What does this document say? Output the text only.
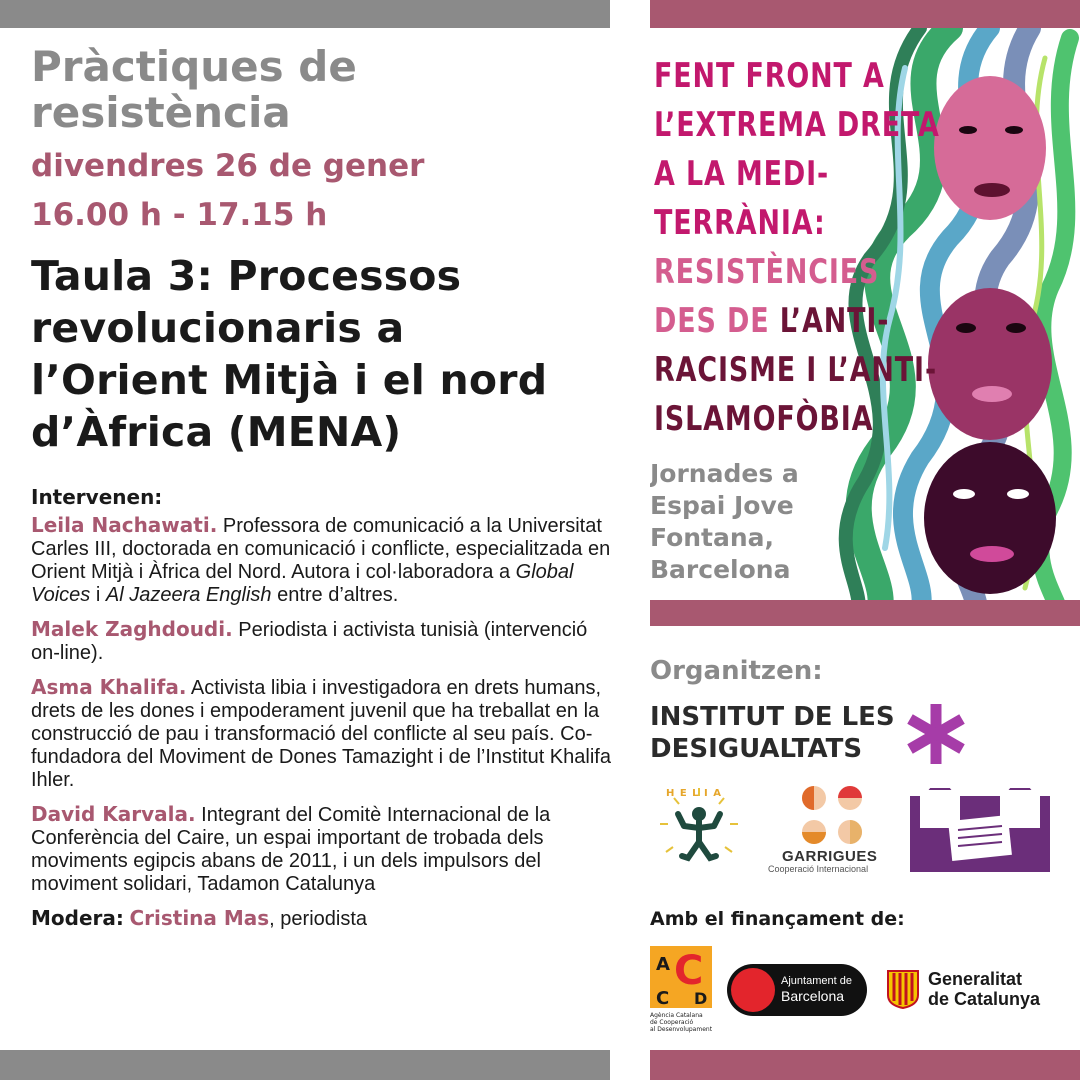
Pràctiques de
resistència
divendres 26 de gener
16.00 h - 17.15 h
Taula 3: Processos
revolucionaris a
l’Orient Mitjà i el nord
d’Àfrica (MENA)
Intervenen:
Leila Nachawati. Professora de comunicació a la Universitat Carles III, doctorada en comunicació i conflicte, especialitzada en Orient Mitjà i Àfrica del Nord. Autora i col·laboradora a Global Voices i Al Jazeera English entre d’altres.
Malek Zaghdoudi. Periodista i activista tunisià (intervenció on-line).
Asma Khalifa. Activista libia i investigadora en drets humans, drets de les dones i empoderament juvenil que ha treballat en la construcció de pau i transformació del conflicte al seu país. Co-fundadora del Moviment de Dones Tamazight i de l’Institut Khalifa Ihler.
David Karvala. Integrant del Comitè Internacional de la Conferència del Caire, un espai important de trobada dels moviments egipcis abans de 2011, i un dels impulsors del moviment solidari, Tadamon Catalunya
Modera: Cristina Mas, periodista
FENT FRONT A
L’EXTREMA DRETA
A LA MEDI-
TERRÀNIA:
RESISTÈNCIES
DES DE L’ANTI-
RACISME I L’ANTI-
ISLAMOFÒBIA
Jornades a
Espai Jove
Fontana,
Barcelona
Organitzen:
INSTITUT DE LES
DESIGUALTATS
H E L I A
GARRIGUES
Cooperació Internacional
Amb el finançament de:
A C
C D
Agència Catalana
de Cooperació
al Desenvolupament
Ajuntament de
Barcelona
Generalitat
de Catalunya
